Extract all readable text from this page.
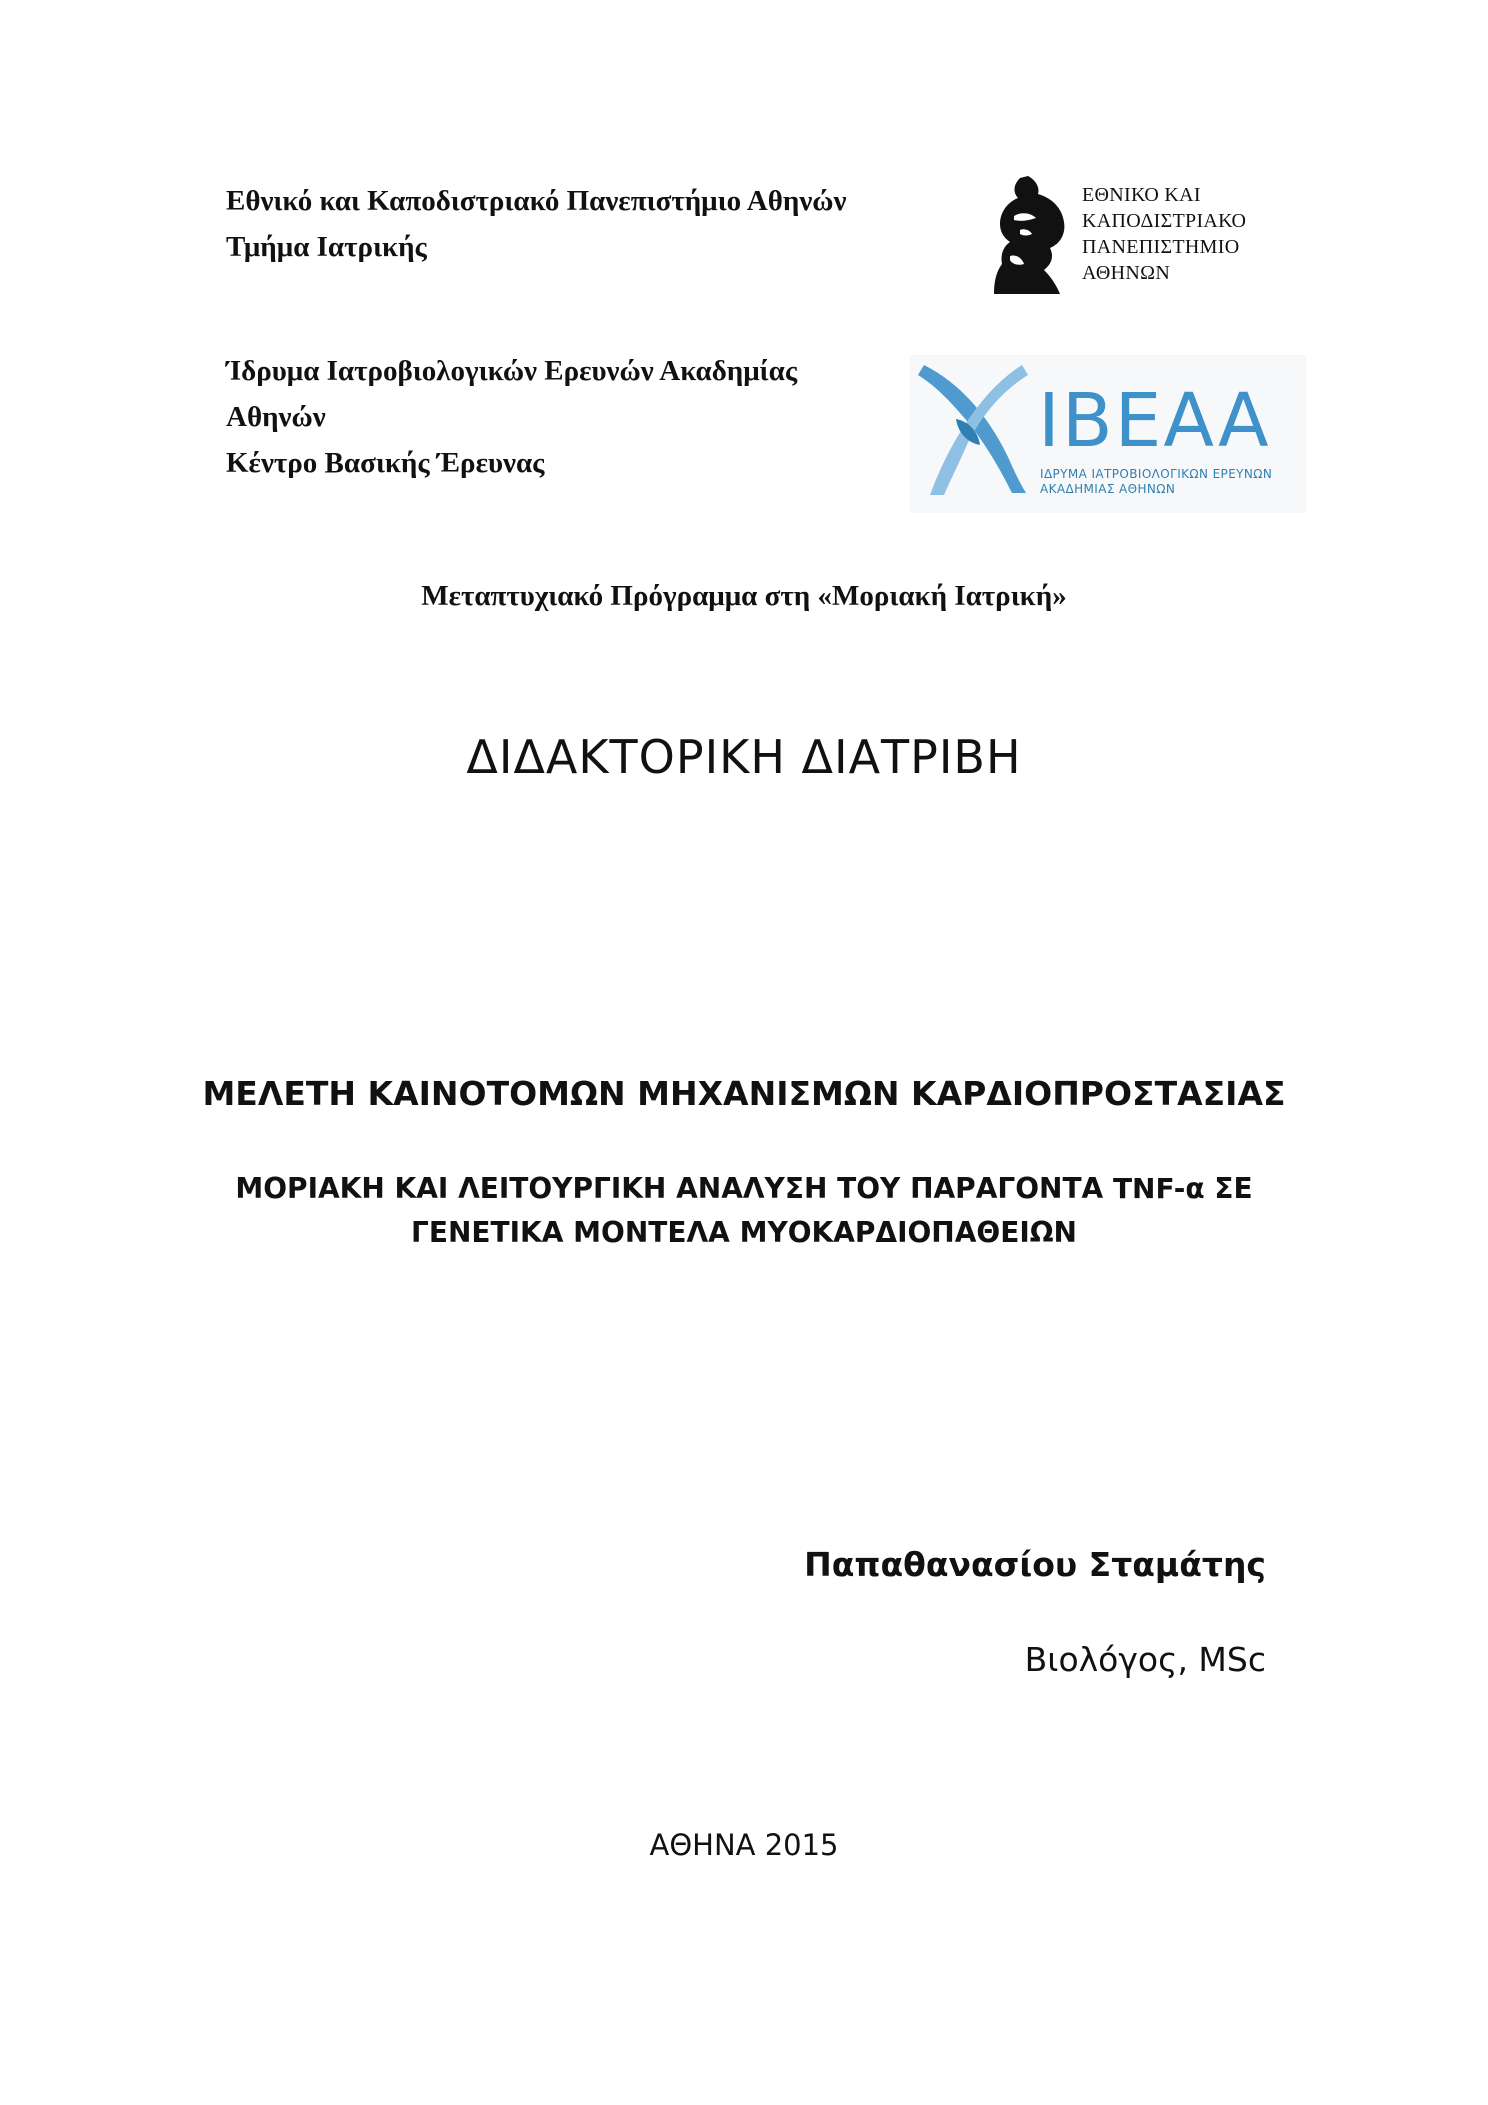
Εθνικό και Καποδιστριακό Πανεπιστήμιο Αθηνών
Τμήμα Ιατρικής
ΕΘΝΙΚΟ ΚΑΙ
ΚΑΠΟΔΙΣΤΡΙΑΚΟ
ΠΑΝΕΠΙΣΤΗΜΙΟ
ΑΘΗΝΩΝ
Ίδρυμα Ιατροβιολογικών Ερευνών Ακαδημίας
Αθηνών
Κέντρο Βασικής Έρευνας	IBEAA
ΙΔΡΥΜΑ ΙΑΤΡΟΒΙΟΛΟΓΙΚΩΝ ΕΡΕΥΝΩΝ
ΑΚΑΔΗΜΙΑΣ ΑΘΗΝΩΝ
Μεταπτυχιακό Πρόγραμμα στη «Μοριακή Ιατρική»
ΔΙΔΑΚΤΟΡΙΚΗ ΔΙΑΤΡΙΒΗ
ΜΕΛΕΤΗ ΚΑΙΝΟΤΟΜΩΝ ΜΗΧΑΝΙΣΜΩΝ ΚΑΡΔΙΟΠΡΟΣΤΑΣΙΑΣ
ΜΟΡΙΑΚΗ ΚΑΙ ΛΕΙΤΟΥΡΓΙΚΗ ΑΝΑΛΥΣΗ ΤΟΥ ΠΑΡΑΓΟΝΤΑ TNF-α ΣΕ
ΓΕΝΕΤΙΚΑ ΜΟΝΤΕΛΑ ΜΥΟΚΑΡΔΙΟΠΑΘΕΙΩΝ
Παπαθανασίου Σταμάτης
Βιολόγος, MSc
ΑΘΗΝΑ 2015
